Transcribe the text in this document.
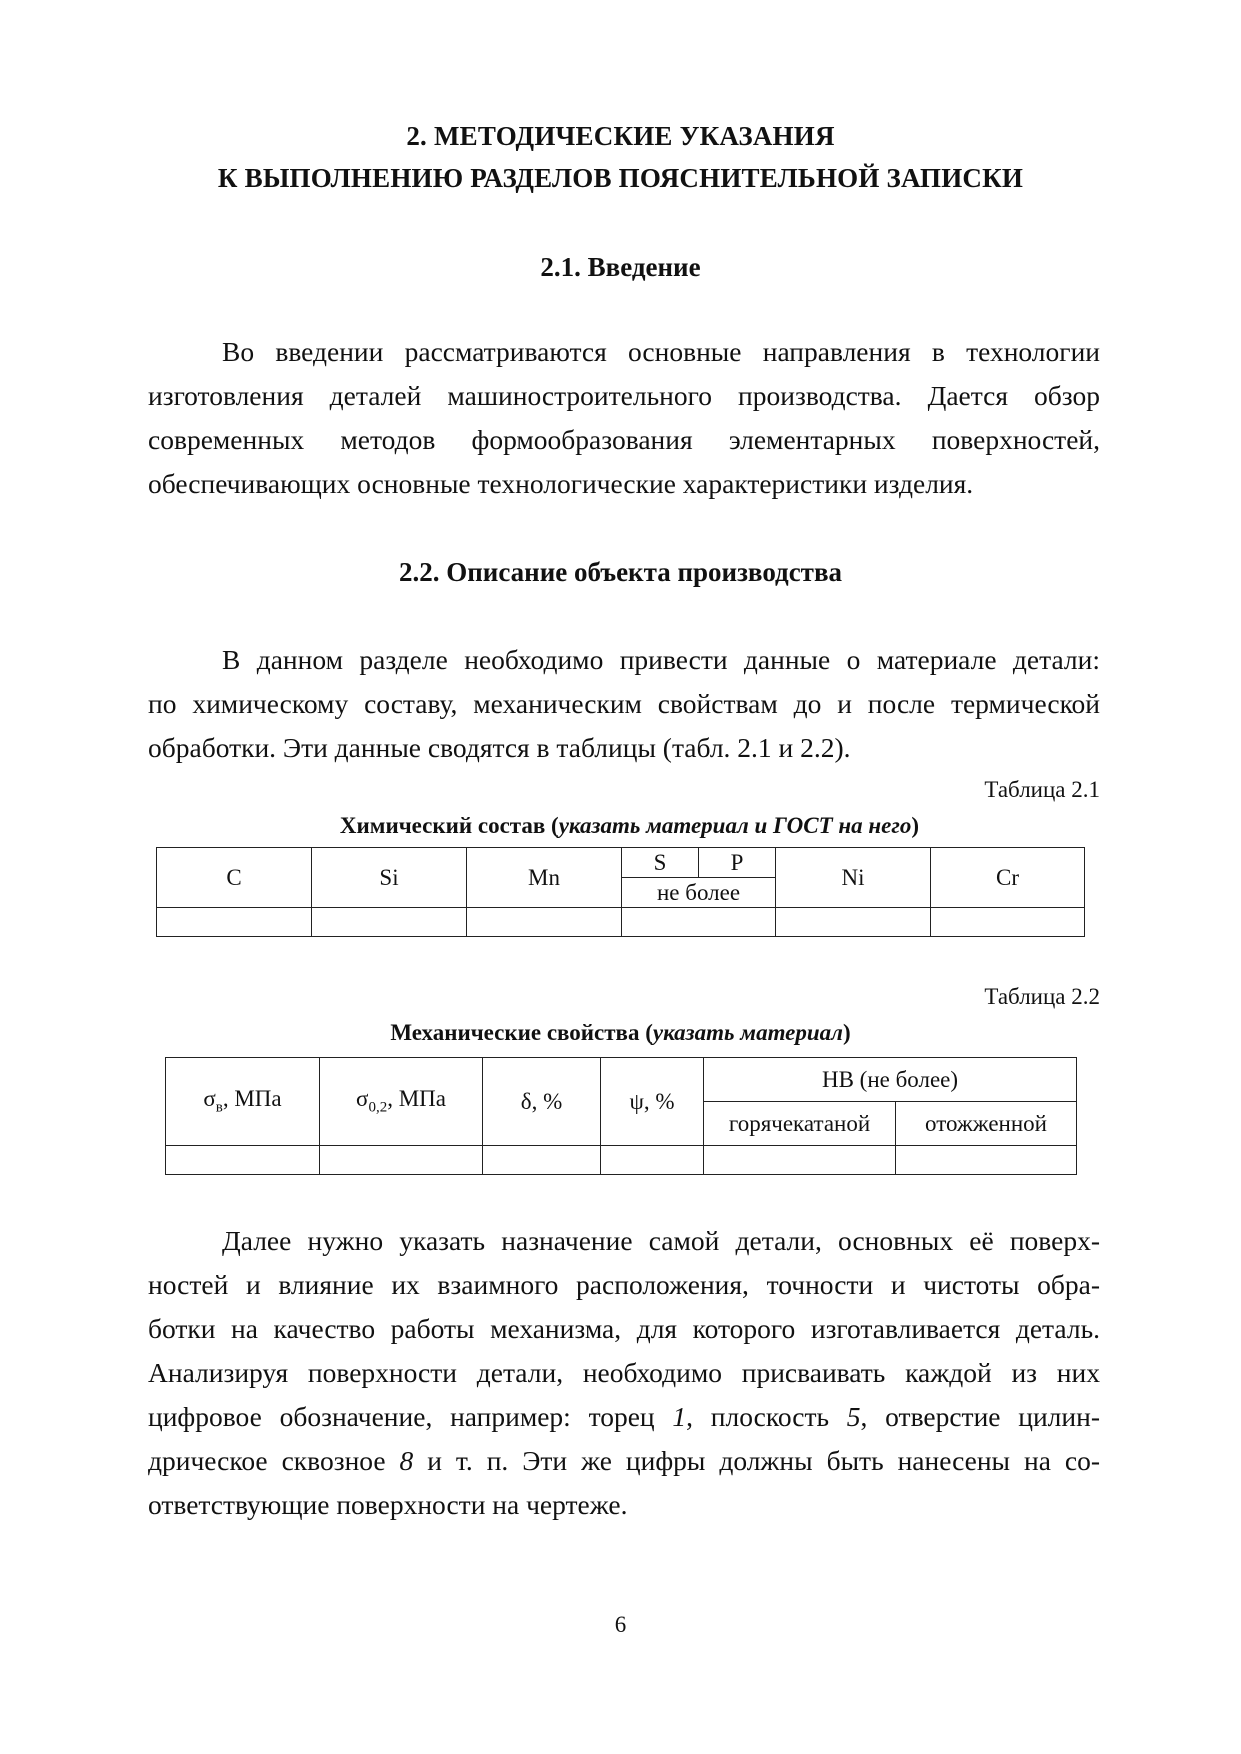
2. МЕТОДИЧЕСКИЕ УКАЗАНИЯ
К ВЫПОЛНЕНИЮ РАЗДЕЛОВ ПОЯСНИТЕЛЬНОЙ ЗАПИСКИ
2.1. Введение
Во введении рассматриваются основные направления в технологии
изготовления деталей машиностроительного производства. Дается обзор
современных методов формообразования элементарных поверхностей,
обеспечивающих основные технологические характеристики изделия.
2.2. Описание объекта производства
В данном разделе необходимо привести данные о материале детали:
по химическому составу, механическим свойствам до и после термической
обработки. Эти данные сводятся в таблицы (табл. 2.1 и 2.2).
Таблица 2.1
Химический состав (указать материал и ГОСТ на него)
C	Si	Mn	S	P	Ni	Cr
			не более			

Таблица 2.2
Механические свойства (указать материал)
$\sigma_в$, МПа	$\sigma_{0,2}$, МПа	δ, %	ψ, %	НВ (не более)	
				горячекатаной	отожженной

Далее нужно указать назначение самой детали, основных её поверх-
ностей и влияние их взаимного расположения, точности и чистоты обра-
ботки на качество работы механизма, для которого изготавливается деталь.
Анализируя поверхности детали, необходимо присваивать каждой из них
цифровое обозначение, например: торец 1, плоскость 5, отверстие цилин-
дрическое сквозное 8 и т. п. Эти же цифры должны быть нанесены на со-
ответствующие поверхности на чертеже.
6
